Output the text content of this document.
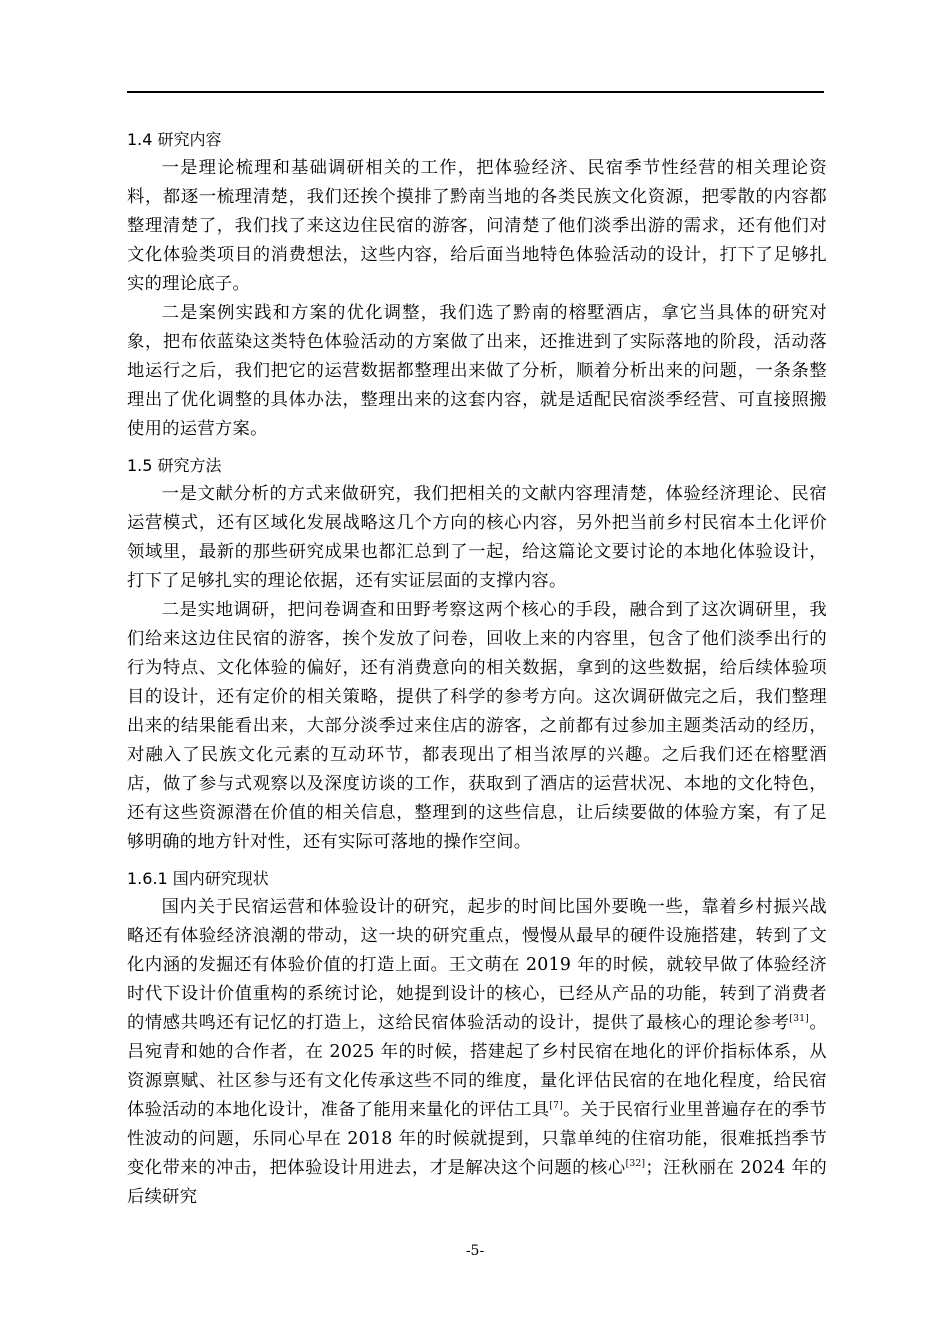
1.4 研究内容

一是理论梳理和基础调研相关的工作，把体验经济、民宿季节性经营的相关理论资料，都逐一梳理清楚，我们还挨个摸排了黔南当地的各类民族文化资源，把零散的内容都整理清楚了，我们找了来这边住民宿的游客，问清楚了他们淡季出游的需求，还有他们对文化体验类项目的消费想法，这些内容，给后面当地特色体验活动的设计，打下了足够扎实的理论底子。

二是案例实践和方案的优化调整，我们选了黔南的榕墅酒店，拿它当具体的研究对象，把布依蓝染这类特色体验活动的方案做了出来，还推进到了实际落地的阶段，活动落地运行之后，我们把它的运营数据都整理出来做了分析，顺着分析出来的问题，一条条整理出了优化调整的具体办法，整理出来的这套内容，就是适配民宿淡季经营、可直接照搬使用的运营方案。

1.5 研究方法

一是文献分析的方式来做研究，我们把相关的文献内容理清楚，体验经济理论、民宿运营模式，还有区域化发展战略这几个方向的核心内容，另外把当前乡村民宿本土化评价领域里，最新的那些研究成果也都汇总到了一起，给这篇论文要讨论的本地化体验设计，打下了足够扎实的理论依据，还有实证层面的支撑内容。

二是实地调研，把问卷调查和田野考察这两个核心的手段，融合到了这次调研里，我们给来这边住民宿的游客，挨个发放了问卷，回收上来的内容里，包含了他们淡季出行的行为特点、文化体验的偏好，还有消费意向的相关数据，拿到的这些数据，给后续体验项目的设计，还有定价的相关策略，提供了科学的参考方向。这次调研做完之后，我们整理出来的结果能看出来，大部分淡季过来住店的游客，之前都有过参加主题类活动的经历，对融入了民族文化元素的互动环节，都表现出了相当浓厚的兴趣。之后我们还在榕墅酒店，做了参与式观察以及深度访谈的工作，获取到了酒店的运营状况、本地的文化特色，还有这些资源潜在价值的相关信息，整理到的这些信息，让后续要做的体验方案，有了足够明确的地方针对性，还有实际可落地的操作空间。

1.6.1 国内研究现状

国内关于民宿运营和体验设计的研究，起步的时间比国外要晚一些，靠着乡村振兴战略还有体验经济浪潮的带动，这一块的研究重点，慢慢从最早的硬件设施搭建，转到了文化内涵的发掘还有体验价值的打造上面。王文萌在 2019 年的时候，就较早做了体验经济时代下设计价值重构的系统讨论，她提到设计的核心，已经从产品的功能，转到了消费者的情感共鸣还有记忆的打造上，这给民宿体验活动的设计，提供了最核心的理论参考[31]。吕宛青和她的合作者，在 2025 年的时候，搭建起了乡村民宿在地化的评价指标体系，从资源禀赋、社区参与还有文化传承这些不同的维度，量化评估民宿的在地化程度，给民宿体验活动的本地化设计，准备了能用来量化的评估工具[7]。关于民宿行业里普遍存在的季节性波动的问题，乐同心早在 2018 年的时候就提到，只靠单纯的住宿功能，很难抵挡季节变化带来的冲击，把体验设计用进去，才是解决这个问题的核心[32]；汪秋丽在 2024 年的后续研究

-5-
